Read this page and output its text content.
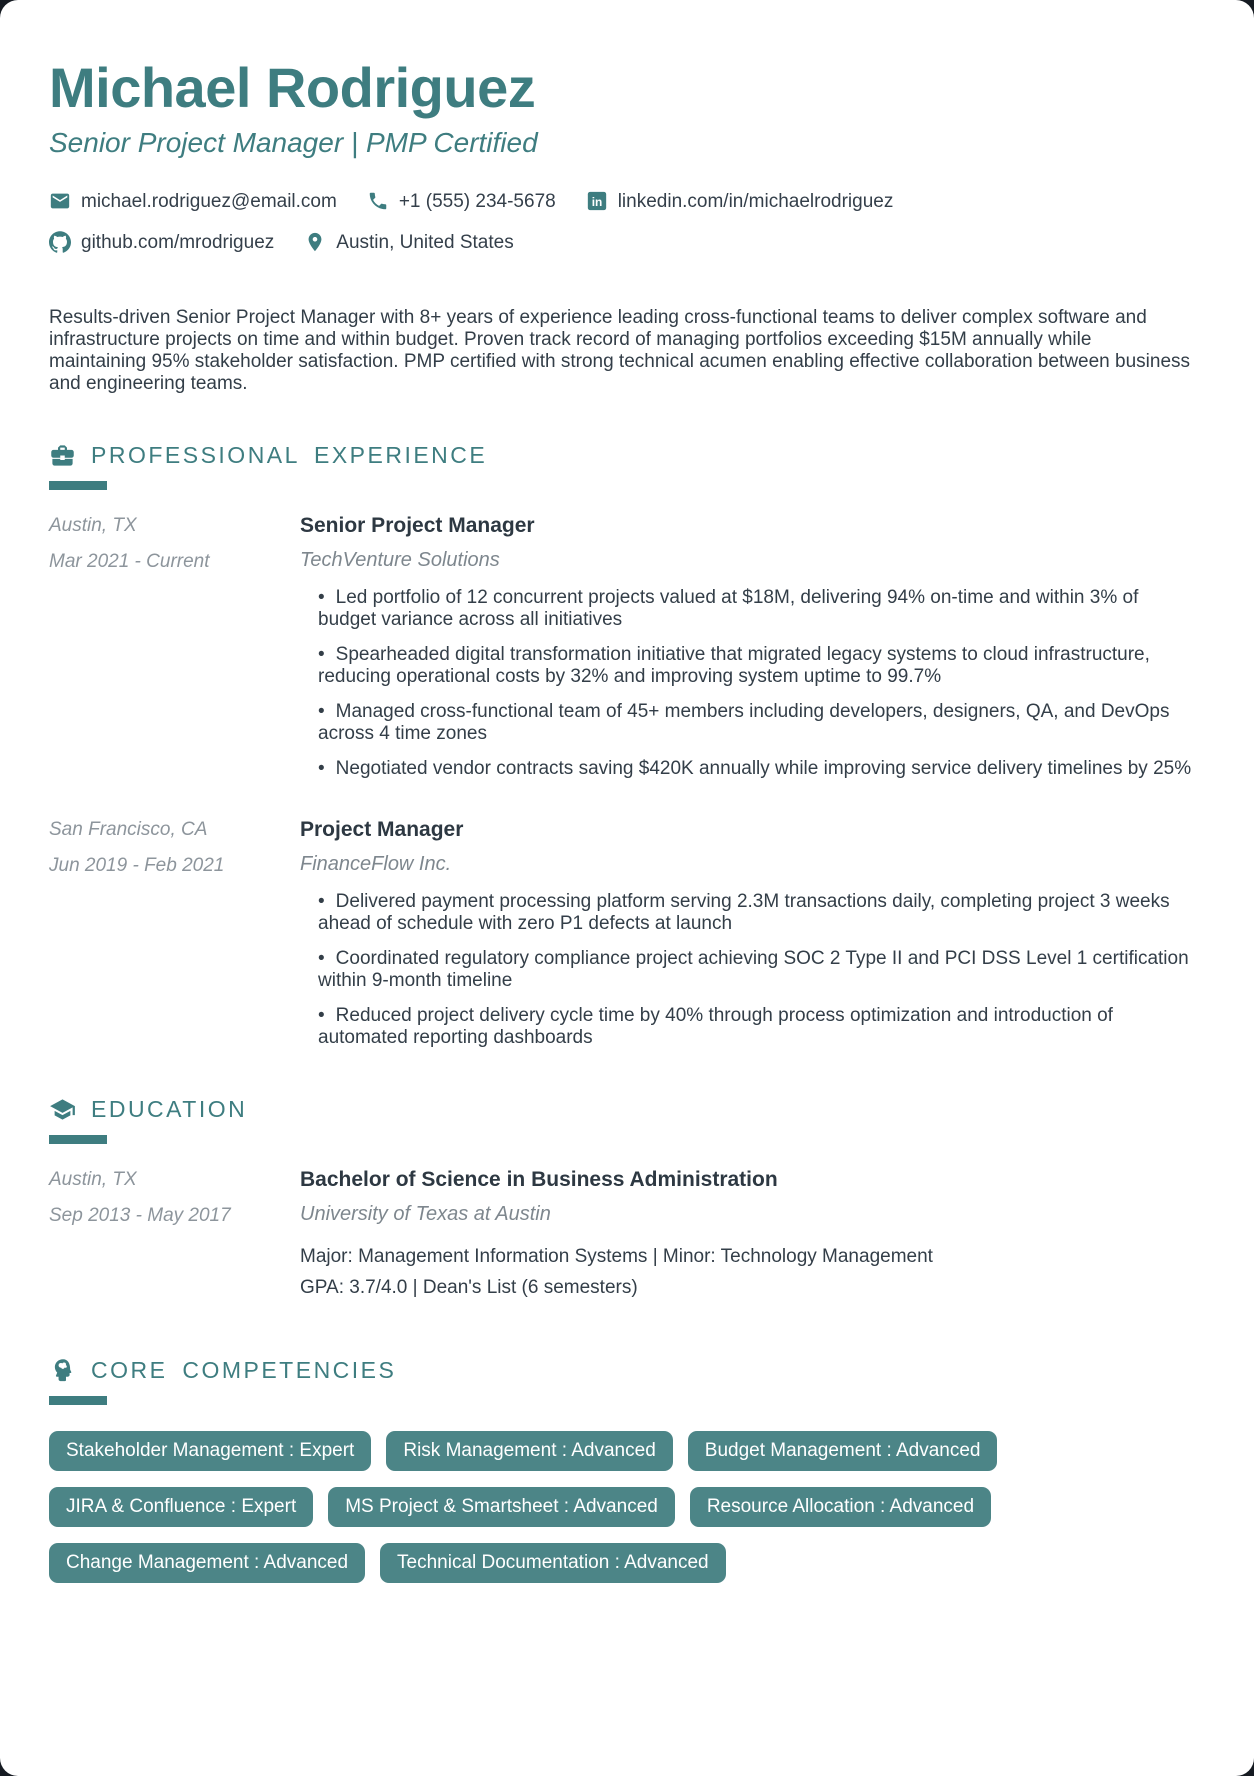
Michael Rodriguez
Senior Project Manager | PMP Certified
michael.rodriguez@email.com	+1 (555) 234-5678	in linkedin.com/in/michaelrodriguez
github.com/mrodriguez	Austin, United States

Results-driven Senior Project Manager with 8+ years of experience leading cross-functional teams to deliver complex software and infrastructure projects on time and within budget. Proven track record of managing portfolios exceeding $15M annually while maintaining 95% stakeholder satisfaction. PMP certified with strong technical acumen enabling effective collaboration between business and engineering teams.

PROFESSIONAL EXPERIENCE
Austin, TX
Mar 2021 - Current
Senior Project Manager
TechVenture Solutions
• Led portfolio of 12 concurrent projects valued at $18M, delivering 94% on-time and within 3% of budget variance across all initiatives
• Spearheaded digital transformation initiative that migrated legacy systems to cloud infrastructure, reducing operational costs by 32% and improving system uptime to 99.7%
• Managed cross-functional team of 45+ members including developers, designers, QA, and DevOps across 4 time zones
• Negotiated vendor contracts saving $420K annually while improving service delivery timelines by 25%
San Francisco, CA
Jun 2019 - Feb 2021
Project Manager
FinanceFlow Inc.
• Delivered payment processing platform serving 2.3M transactions daily, completing project 3 weeks ahead of schedule with zero P1 defects at launch
• Coordinated regulatory compliance project achieving SOC 2 Type II and PCI DSS Level 1 certification within 9-month timeline
• Reduced project delivery cycle time by 40% through process optimization and introduction of automated reporting dashboards
EDUCATION
Austin, TX
Sep 2013 - May 2017
Bachelor of Science in Business Administration
University of Texas at Austin
Major: Management Information Systems | Minor: Technology Management
GPA: 3.7/4.0 | Dean's List (6 semesters)
CORE COMPETENCIES
Stakeholder Management : Expert	Risk Management : Advanced	Budget Management : Advanced
JIRA & Confluence : Expert	MS Project & Smartsheet : Advanced	Resource Allocation : Advanced
Change Management : Advanced	Technical Documentation : Advanced
